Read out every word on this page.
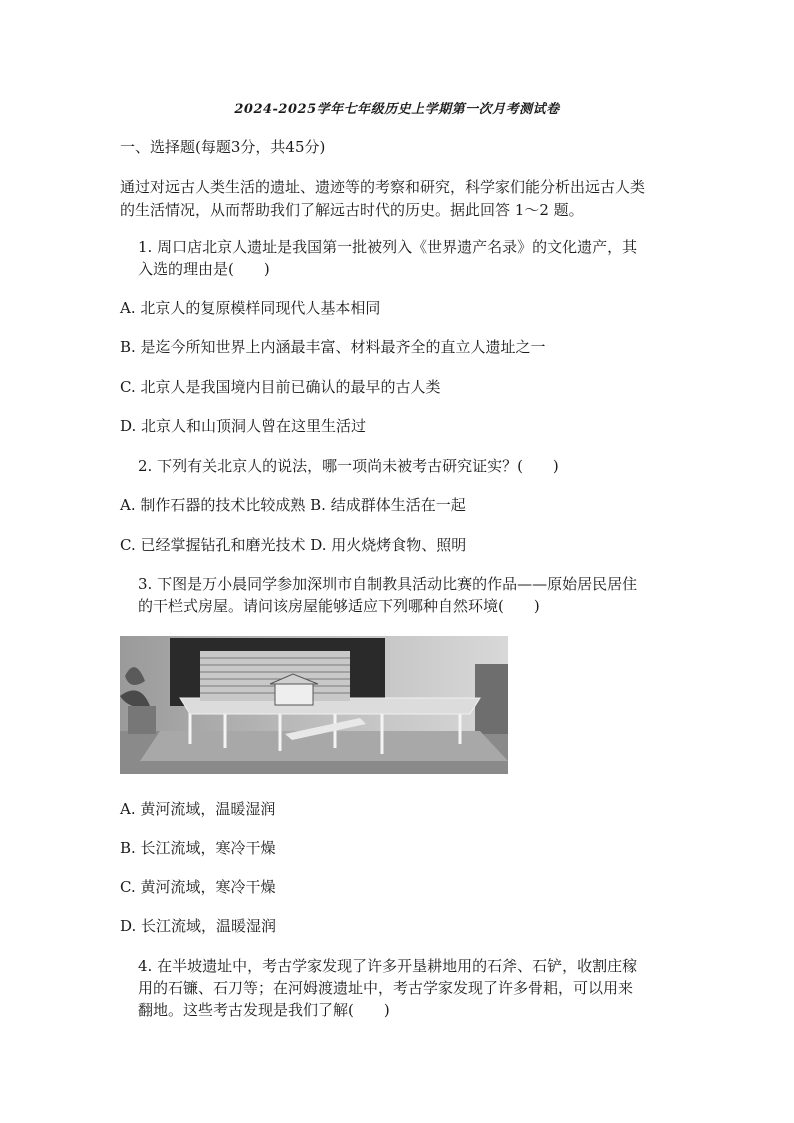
2024-2025学年七年级历史上学期第一次月考测试卷
一、选择题(每题3分，共45分)
通过对远古人类生活的遗址、遗迹等的考察和研究，科学家们能分析出远古人类
的生活情况，从而帮助我们了解远古时代的历史。据此回答 1～2 题。
1. 周口店北京人遗址是我国第一批被列入《世界遗产名录》的文化遗产，其
入选的理由是(　　)
A. 北京人的复原模样同现代人基本相同
B. 是迄今所知世界上内涵最丰富、材料最齐全的直立人遗址之一
C. 北京人是我国境内目前已确认的最早的古人类
D. 北京人和山顶洞人曾在这里生活过
2. 下列有关北京人的说法，哪一项尚未被考古研究证实？(　　)
A. 制作石器的技术比较成熟 B. 结成群体生活在一起
C. 已经掌握钻孔和磨光技术 D. 用火烧烤食物、照明
3. 下图是万小晨同学参加深圳市自制教具活动比赛的作品——原始居民居住
的干栏式房屋。请问该房屋能够适应下列哪种自然环境(　　)
A. 黄河流域，温暖湿润
B. 长江流域，寒冷干燥
C. 黄河流域，寒冷干燥
D. 长江流域，温暖湿润
4. 在半坡遗址中，考古学家发现了许多开垦耕地用的石斧、石铲，收割庄稼
用的石镰、石刀等；在河姆渡遗址中，考古学家发现了许多骨耜，可以用来
翻地。这些考古发现是我们了解(　　)
